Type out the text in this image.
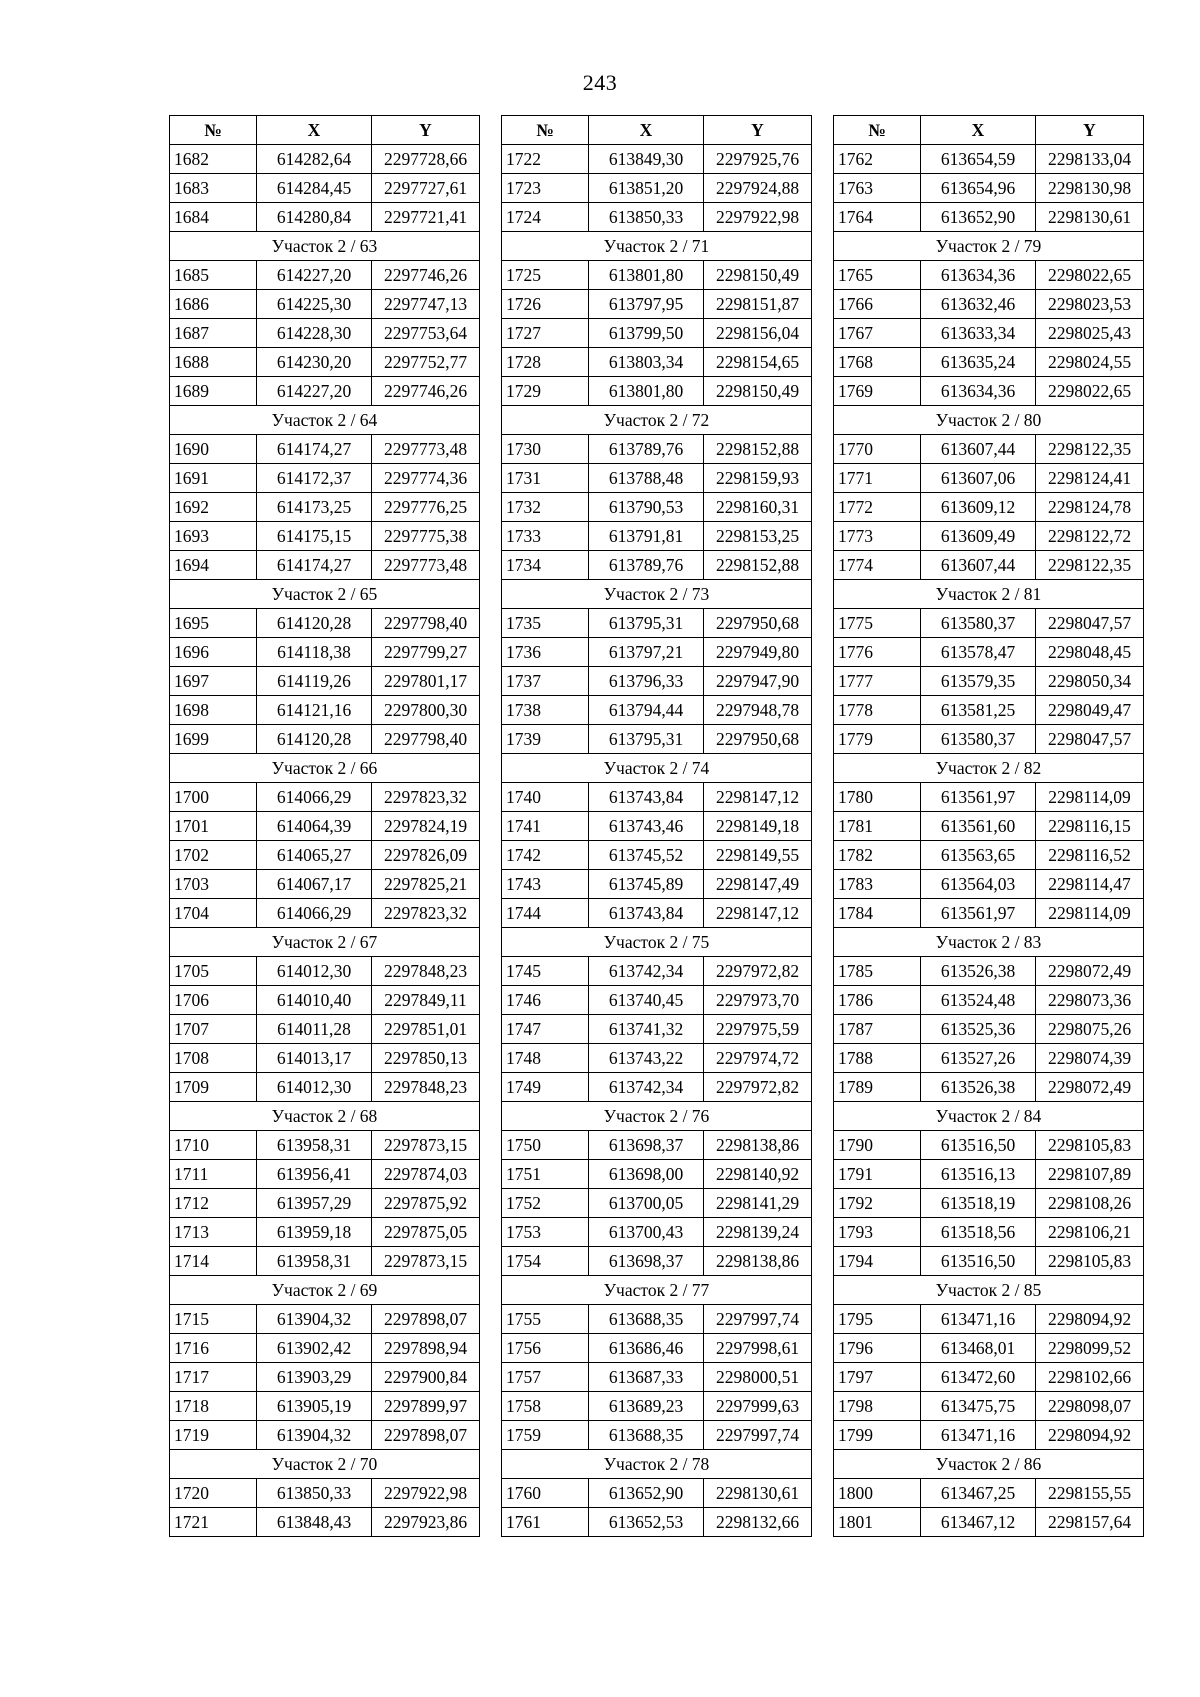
243
№	X	Y
1682	614282,64	2297728,66
1683	614284,45	2297727,61
1684	614280,84	2297721,41
Участок 2 / 63		
1685	614227,20	2297746,26
1686	614225,30	2297747,13
1687	614228,30	2297753,64
1688	614230,20	2297752,77
1689	614227,20	2297746,26
Участок 2 / 64		
1690	614174,27	2297773,48
1691	614172,37	2297774,36
1692	614173,25	2297776,25
1693	614175,15	2297775,38
1694	614174,27	2297773,48
Участок 2 / 65		
1695	614120,28	2297798,40
1696	614118,38	2297799,27
1697	614119,26	2297801,17
1698	614121,16	2297800,30
1699	614120,28	2297798,40
Участок 2 / 66		
1700	614066,29	2297823,32
1701	614064,39	2297824,19
1702	614065,27	2297826,09
1703	614067,17	2297825,21
1704	614066,29	2297823,32
Участок 2 / 67		
1705	614012,30	2297848,23
1706	614010,40	2297849,11
1707	614011,28	2297851,01
1708	614013,17	2297850,13
1709	614012,30	2297848,23
Участок 2 / 68		
1710	613958,31	2297873,15
1711	613956,41	2297874,03
1712	613957,29	2297875,92
1713	613959,18	2297875,05
1714	613958,31	2297873,15
Участок 2 / 69		
1715	613904,32	2297898,07
1716	613902,42	2297898,94
1717	613903,29	2297900,84
1718	613905,19	2297899,97
1719	613904,32	2297898,07
Участок 2 / 70		
1720	613850,33	2297922,98
1721	613848,43	2297923,86
№	X	Y
1722	613849,30	2297925,76
1723	613851,20	2297924,88
1724	613850,33	2297922,98
Участок 2 / 71		
1725	613801,80	2298150,49
1726	613797,95	2298151,87
1727	613799,50	2298156,04
1728	613803,34	2298154,65
1729	613801,80	2298150,49
Участок 2 / 72		
1730	613789,76	2298152,88
1731	613788,48	2298159,93
1732	613790,53	2298160,31
1733	613791,81	2298153,25
1734	613789,76	2298152,88
Участок 2 / 73		
1735	613795,31	2297950,68
1736	613797,21	2297949,80
1737	613796,33	2297947,90
1738	613794,44	2297948,78
1739	613795,31	2297950,68
Участок 2 / 74		
1740	613743,84	2298147,12
1741	613743,46	2298149,18
1742	613745,52	2298149,55
1743	613745,89	2298147,49
1744	613743,84	2298147,12
Участок 2 / 75		
1745	613742,34	2297972,82
1746	613740,45	2297973,70
1747	613741,32	2297975,59
1748	613743,22	2297974,72
1749	613742,34	2297972,82
Участок 2 / 76		
1750	613698,37	2298138,86
1751	613698,00	2298140,92
1752	613700,05	2298141,29
1753	613700,43	2298139,24
1754	613698,37	2298138,86
Участок 2 / 77		
1755	613688,35	2297997,74
1756	613686,46	2297998,61
1757	613687,33	2298000,51
1758	613689,23	2297999,63
1759	613688,35	2297997,74
Участок 2 / 78		
1760	613652,90	2298130,61
1761	613652,53	2298132,66
№	X	Y
1762	613654,59	2298133,04
1763	613654,96	2298130,98
1764	613652,90	2298130,61
Участок 2 / 79		
1765	613634,36	2298022,65
1766	613632,46	2298023,53
1767	613633,34	2298025,43
1768	613635,24	2298024,55
1769	613634,36	2298022,65
Участок 2 / 80		
1770	613607,44	2298122,35
1771	613607,06	2298124,41
1772	613609,12	2298124,78
1773	613609,49	2298122,72
1774	613607,44	2298122,35
Участок 2 / 81		
1775	613580,37	2298047,57
1776	613578,47	2298048,45
1777	613579,35	2298050,34
1778	613581,25	2298049,47
1779	613580,37	2298047,57
Участок 2 / 82		
1780	613561,97	2298114,09
1781	613561,60	2298116,15
1782	613563,65	2298116,52
1783	613564,03	2298114,47
1784	613561,97	2298114,09
Участок 2 / 83		
1785	613526,38	2298072,49
1786	613524,48	2298073,36
1787	613525,36	2298075,26
1788	613527,26	2298074,39
1789	613526,38	2298072,49
Участок 2 / 84		
1790	613516,50	2298105,83
1791	613516,13	2298107,89
1792	613518,19	2298108,26
1793	613518,56	2298106,21
1794	613516,50	2298105,83
Участок 2 / 85		
1795	613471,16	2298094,92
1796	613468,01	2298099,52
1797	613472,60	2298102,66
1798	613475,75	2298098,07
1799	613471,16	2298094,92
Участок 2 / 86		
1800	613467,25	2298155,55
1801	613467,12	2298157,64
